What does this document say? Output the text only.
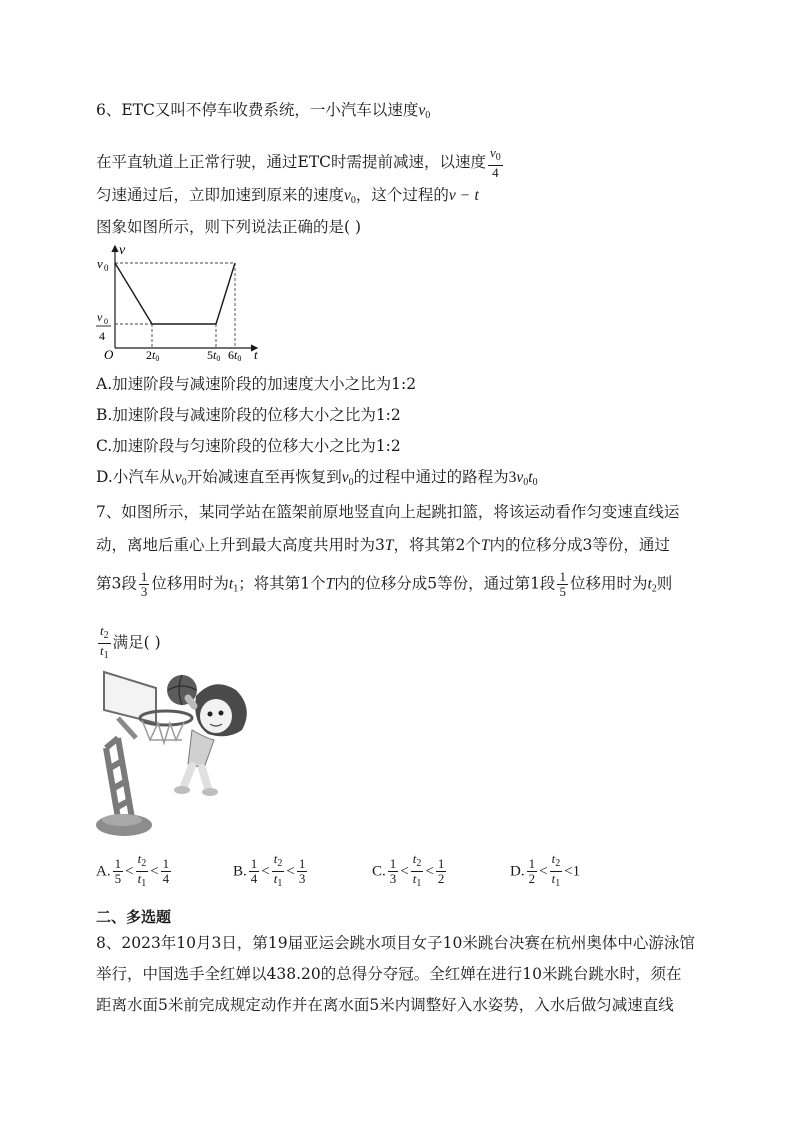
6、ETC又叫不停车收费系统，一小汽车以速度$v_0$
在平直轨道上正常行驶，通过ETC时需提前减速，以速度 $\frac{v_0}{4}$
匀速通过后，立即加速到原来的速度$v_0$，这个过程的v − t
图象如图所示，则下列说法正确的是( )
v
v 0
v 0
4
O	2t0	5t0 6t0 t
A.加速阶段与减速阶段的加速度大小之比为1:2
B.加速阶段与减速阶段的位移大小之比为1:2
C.加速阶段与匀速阶段的位移大小之比为1:2
D.小汽车从$v_0$开始减速直至再恢复到$v_0$的过程中通过的路程为$3v_0t_0$
7、如图所示，某同学站在篮架前原地竖直向上起跳扣篮，将该运动看作匀变速直线运
动，离地后重心上升到最大高度共用时为3T，将其第2个T内的位移分成3等份，通过
第3段 $\frac{1}{3}$ 位移用时为$t_1$；将其第1个T内的位移分成5等份，通过第1段 $\frac{1}{5}$ 位移用时为$t_2$则
$\frac{t_2}{t_1}$ 满足( )
A. $\frac{1}{5} < \frac{t_2}{t_1} < \frac{1}{4}$	B. $\frac{1}{4} < \frac{t_2}{t_1} < \frac{1}{3}$	C. $\frac{1}{3} < \frac{t_2}{t_1} < \frac{1}{2}$	D. $\frac{1}{2} < \frac{t_2}{t_1} <1$
二、多选题
8、2023年10月3日，第19届亚运会跳水项目女子10米跳台决赛在杭州奥体中心游泳馆
举行，中国选手全红婵以438.20的总得分夺冠。全红婵在进行10米跳台跳水时，须在
距离水面5米前完成规定动作并在离水面5米内调整好入水姿势，入水后做匀减速直线
